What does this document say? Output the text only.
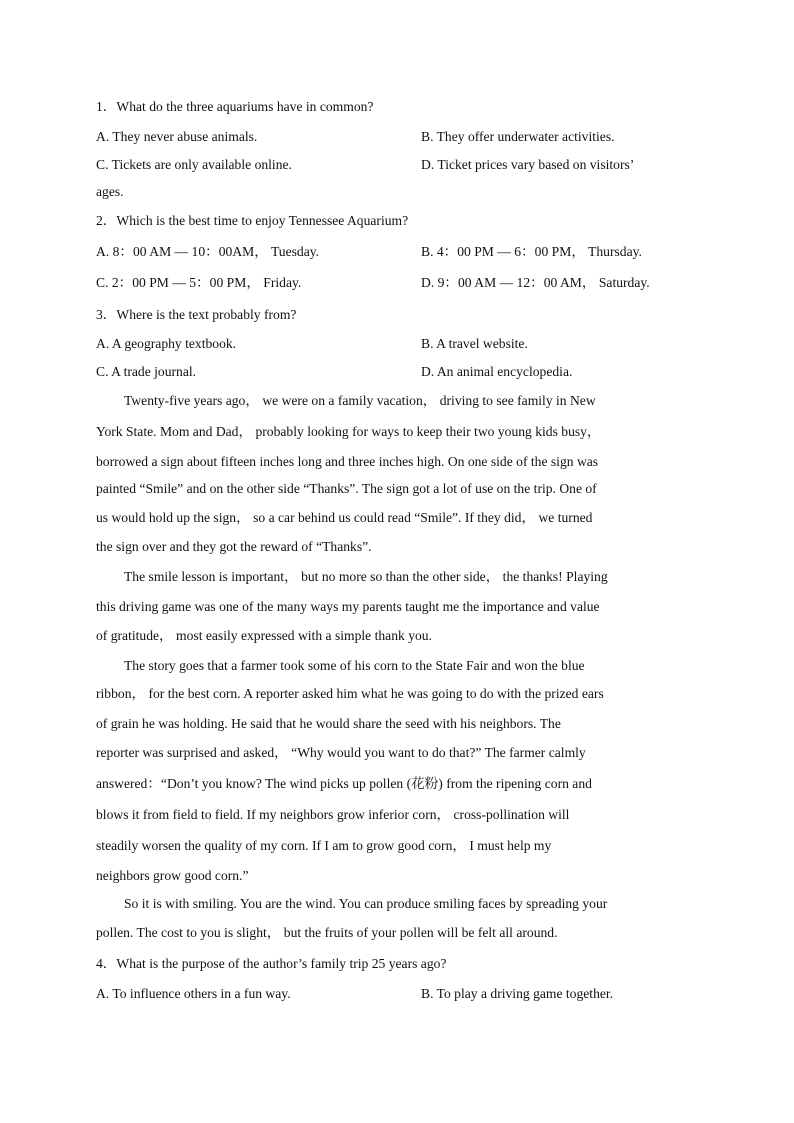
1．What do the three aquariums have in common?
A. They never abuse animals.	B. They offer underwater activities.
C. Tickets are only available online.	D. Ticket prices vary based on visitors’
ages.
2．Which is the best time to enjoy Tennessee Aquarium?
A. 8：00 AM — 10：00AM， Tuesday.	B. 4：00 PM — 6：00 PM， Thursday.
C. 2：00 PM — 5：00 PM， Friday.	D. 9：00 AM — 12：00 AM， Saturday.
3．Where is the text probably from?
A. A geography textbook.	B. A travel website.
C. A trade journal.	D. An animal encyclopedia.
Twenty-five years ago， we were on a family vacation， driving to see family in New
York State. Mom and Dad， probably looking for ways to keep their two young kids busy，
borrowed a sign about fifteen inches long and three inches high. On one side of the sign was
painted “Smile” and on the other side “Thanks”. The sign got a lot of use on the trip. One of
us would hold up the sign， so a car behind us could read “Smile”. If they did， we turned
the sign over and they got the reward of “Thanks”.
The smile lesson is important， but no more so than the other side， the thanks! Playing
this driving game was one of the many ways my parents taught me the importance and value
of gratitude， most easily expressed with a simple thank you.
The story goes that a farmer took some of his corn to the State Fair and won the blue
ribbon， for the best corn. A reporter asked him what he was going to do with the prized ears
of grain he was holding. He said that he would share the seed with his neighbors. The
reporter was surprised and asked， “Why would you want to do that?” The farmer calmly
answered：“Don’t you know? The wind picks up pollen (花粉) from the ripening corn and
blows it from field to field. If my neighbors grow inferior corn， cross-pollination will
steadily worsen the quality of my corn. If I am to grow good corn， I must help my
neighbors grow good corn.”
So it is with smiling. You are the wind. You can produce smiling faces by spreading your
pollen. The cost to you is slight， but the fruits of your pollen will be felt all around.
4．What is the purpose of the author’s family trip 25 years ago?
A. To influence others in a fun way.	B. To play a driving game together.
